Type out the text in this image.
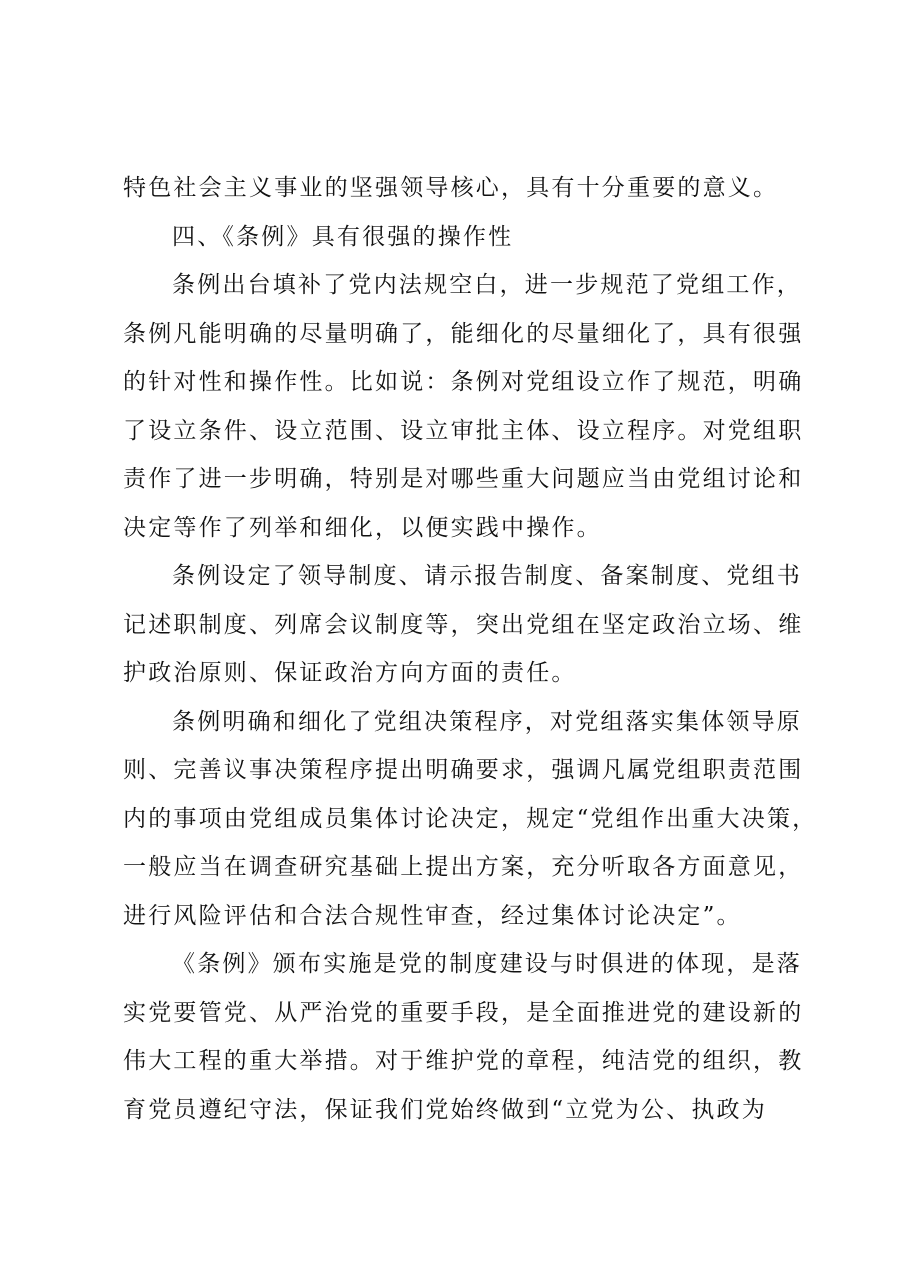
特色社会主义事业的坚强领导核心，具有十分重要的意义。
四、《条例》具有很强的操作性
条例出台填补了党内法规空白，进一步规范了党组工作，
条例凡能明确的尽量明确了，能细化的尽量细化了，具有很强
的针对性和操作性。比如说：条例对党组设立作了规范，明确
了设立条件、设立范围、设立审批主体、设立程序。对党组职
责作了进一步明确，特别是对哪些重大问题应当由党组讨论和
决定等作了列举和细化，以便实践中操作。
条例设定了领导制度、请示报告制度、备案制度、党组书
记述职制度、列席会议制度等，突出党组在坚定政治立场、维
护政治原则、保证政治方向方面的责任。
条例明确和细化了党组决策程序，对党组落实集体领导原
则、完善议事决策程序提出明确要求，强调凡属党组职责范围
内的事项由党组成员集体讨论决定，规定“党组作出重大决策，
一般应当在调查研究基础上提出方案，充分听取各方面意见，
进行风险评估和合法合规性审查，经过集体讨论决定”。
《条例》颁布实施是党的制度建设与时俱进的体现，是落
实党要管党、从严治党的重要手段，是全面推进党的建设新的
伟大工程的重大举措。对于维护党的章程，纯洁党的组织，教
育党员遵纪守法，保证我们党始终做到“立党为公、执政为
